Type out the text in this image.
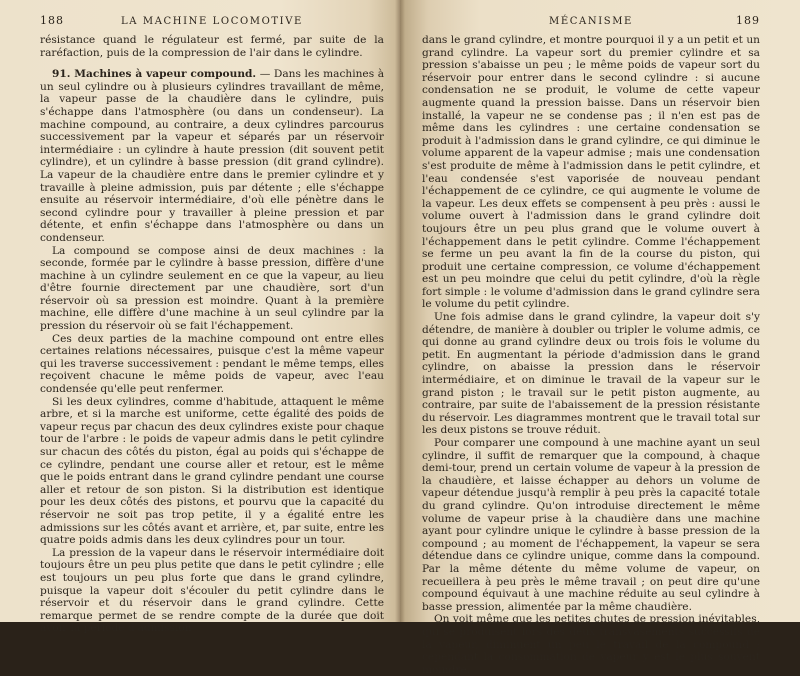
188	LA MACHINE LOCOMOTIVE

résistance quand le régulateur est fermé, par suite de la raréfaction, puis de la compression de l'air dans le cylindre.

91. Machines à vapeur compound. — Dans les machines à un seul cylindre ou à plusieurs cylindres travaillant de même, la vapeur passe de la chaudière dans le cylindre, puis s'échappe dans l'atmosphère (ou dans un condenseur). La machine compound, au contraire, a deux cylindres parcourus successivement par la vapeur et séparés par un réservoir intermédiaire : un cylindre à haute pression (dit souvent petit cylindre), et un cylindre à basse pression (dit grand cylindre). La vapeur de la chaudière entre dans le premier cylindre et y travaille à pleine admission, puis par détente ; elle s'échappe ensuite au réservoir intermédiaire, d'où elle pénètre dans le second cylindre pour y travailler à pleine pression et par détente, et enfin s'échappe dans l'atmosphère ou dans un condenseur.

La compound se compose ainsi de deux machines : la seconde, formée par le cylindre à basse pression, diffère d'une machine à un cylindre seulement en ce que la vapeur, au lieu d'être fournie directement par une chaudière, sort d'un réservoir où sa pression est moindre. Quant à la première machine, elle diffère d'une machine à un seul cylindre par la pression du réservoir où se fait l'échappement.

Ces deux parties de la machine compound ont entre elles certaines relations nécessaires, puisque c'est la même vapeur qui les traverse successivement : pendant le même temps, elles reçoivent chacune le même poids de vapeur, avec l'eau condensée qu'elle peut renfermer.

Si les deux cylindres, comme d'habitude, attaquent le même arbre, et si la marche est uniforme, cette égalité des poids de vapeur reçus par chacun des deux cylindres existe pour chaque tour de l'arbre : le poids de vapeur admis dans le petit cylindre sur chacun des côtés du piston, égal au poids qui s'échappe de ce cylindre, pendant une course aller et retour, est le même que le poids entrant dans le grand cylindre pendant une course aller et retour de son piston. Si la distribution est identique pour les deux côtés des pistons, et pourvu que la capacité du réservoir ne soit pas trop petite, il y a égalité entre les admissions sur les côtés avant et arrière, et, par suite, entre les quatre poids admis dans les deux cylindres pour un tour.

La pression de la vapeur dans le réservoir intermédiaire doit toujours être un peu plus petite que dans le petit cylindre ; elle est toujours un peu plus forte que dans le grand cylindre, puisque la vapeur doit s'écouler du petit cylindre dans le réservoir et du réservoir dans le grand cylindre. Cette remarque permet de se rendre compte de la durée que doit avoir la période d'admission

MÉCANISME	189

dans le grand cylindre, et montre pourquoi il y a un petit et un grand cylindre. La vapeur sort du premier cylindre et sa pression s'abaisse un peu ; le même poids de vapeur sort du réservoir pour entrer dans le second cylindre : si aucune condensation ne se produit, le volume de cette vapeur augmente quand la pression baisse. Dans un réservoir bien installé, la vapeur ne se condense pas ; il n'en est pas de même dans les cylindres : une certaine condensation se produit à l'admission dans le grand cylindre, ce qui diminue le volume apparent de la vapeur admise ; mais une condensation s'est produite de même à l'admission dans le petit cylindre, et l'eau condensée s'est vaporisée de nouveau pendant l'échappement de ce cylindre, ce qui augmente le volume de la vapeur. Les deux effets se compensent à peu près : aussi le volume ouvert à l'admission dans le grand cylindre doit toujours être un peu plus grand que le volume ouvert à l'échappement dans le petit cylindre. Comme l'échappement se ferme un peu avant la fin de la course du piston, qui produit une certaine compression, ce volume d'échappement est un peu moindre que celui du petit cylindre, d'où la règle fort simple : le volume d'admission dans le grand cylindre sera le volume du petit cylindre.

Une fois admise dans le grand cylindre, la vapeur doit s'y détendre, de manière à doubler ou tripler le volume admis, ce qui donne au grand cylindre deux ou trois fois le volume du petit. En augmentant la période d'admission dans le grand cylindre, on abaisse la pression dans le réservoir intermédiaire, et on diminue le travail de la vapeur sur le grand piston ; le travail sur le petit piston augmente, au contraire, par suite de l'abaissement de la pression résistante du réservoir. Les diagrammes montrent que le travail total sur les deux pistons se trouve réduit.

Pour comparer une compound à une machine ayant un seul cylindre, il suffit de remarquer que la compound, à chaque demi-tour, prend un certain volume de vapeur à la pression de la chaudière, et laisse échapper au dehors un volume de vapeur détendue jusqu'à remplir à peu près la capacité totale du grand cylindre. Qu'on introduise directement le même volume de vapeur prise à la chaudière dans une machine ayant pour cylindre unique le cylindre à basse pression de la compound ; au moment de l'échappement, la vapeur se sera détendue dans ce cylindre unique, comme dans la compound. Par la même détente du même volume de vapeur, on recueillera à peu près le même travail ; on peut dire qu'une compound équivaut à une machine réduite au seul cylindre à basse pression, alimentée par la même chaudière.

On voit même que les petites chutes de pression inévitables, qui se produisent lors des deux transvasements successifs de la vapeur, diminuent un peu le travail de la compound ; cependant la consommation de vapeur y est le plus souvent moindre.
